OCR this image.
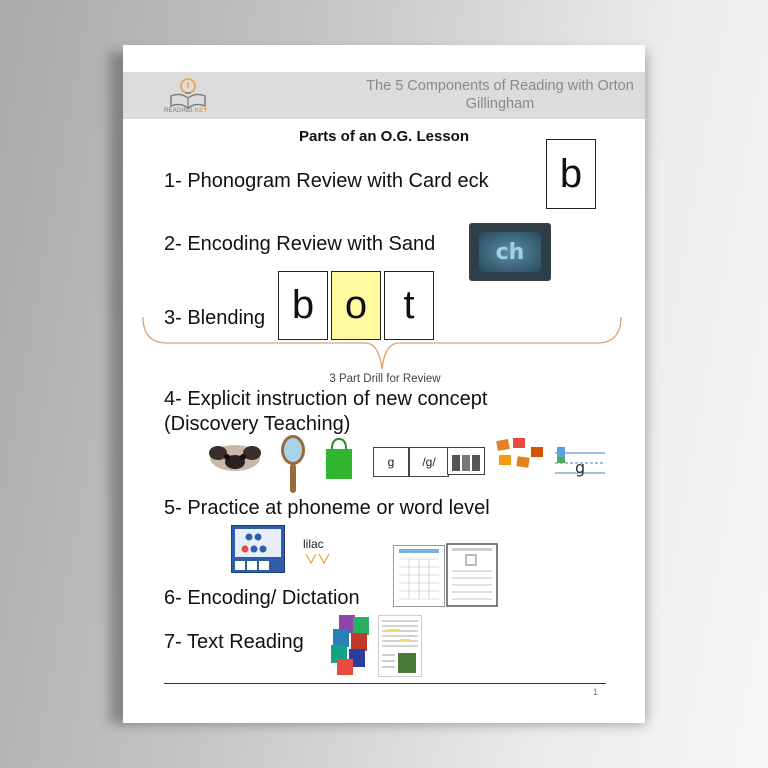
READING KEY
The 5 Components of Reading with Orton Gillingham
Parts of an O.G. Lesson
1- Phonogram Review with Card eck	b
2- Encoding Review with Sand	ch
3- Blending b o t
3 Part Drill for Review
4- Explicit instruction of new concept
(Discovery Teaching)
g	/g/	g
5- Practice at phoneme or word level
lilac
6- Encoding/ Dictation
7- Text Reading
1
